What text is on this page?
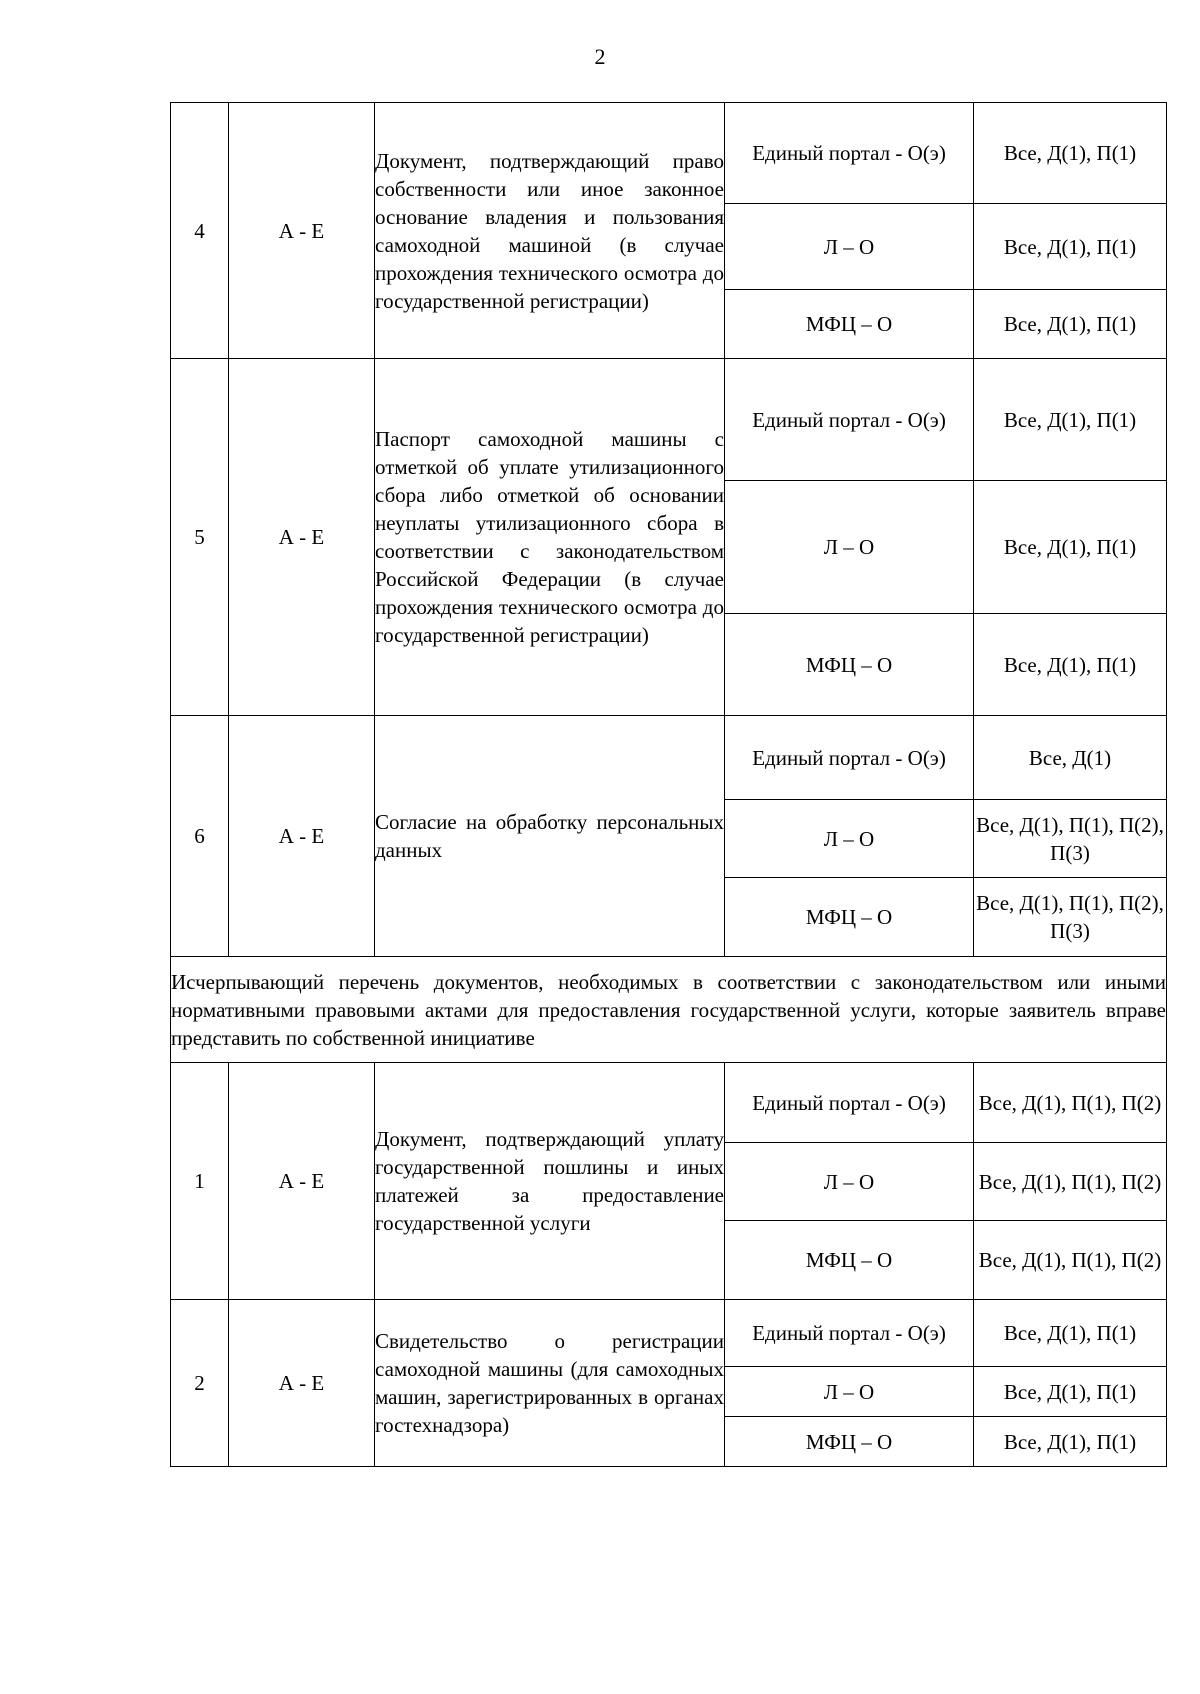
2
4	А - Е	Документ, подтверждающий право собственности или иное законное основание владения и пользования самоходной машиной (в случае прохождения технического осмотра до государственной регистрации)	Единый портал - О(э)	Все, Д(1), П(1)
			Л – О	Все, Д(1), П(1)
			МФЦ – О	Все, Д(1), П(1)
5	А - Е	Паспорт самоходной машины с отметкой об уплате утилизационного сбора либо отметкой об основании неуплаты утилизационного сбора в соответствии с законодательством Российской Федерации (в случае прохождения технического осмотра до государственной регистрации)	Единый портал - О(э)	Все, Д(1), П(1)
			Л – О	Все, Д(1), П(1)
			МФЦ – О	Все, Д(1), П(1)
6	А - Е	Согласие на обработку персональных данных	Единый портал - О(э)	Все, Д(1)
			Л – О	Все, Д(1), П(1), П(2), П(3)
			МФЦ – О	Все, Д(1), П(1), П(2), П(3)
Исчерпывающий перечень документов, необходимых в соответствии с законодательством или иными нормативными правовыми актами для предоставления государственной услуги, которые заявитель вправе представить по собственной инициативе				
1	А - Е	Документ, подтверждающий уплату государственной пошлины и иных платежей за предоставление государственной услуги	Единый портал - О(э)	Все, Д(1), П(1), П(2)
			Л – О	Все, Д(1), П(1), П(2)
			МФЦ – О	Все, Д(1), П(1), П(2)
2	А - Е	Свидетельство о регистрации самоходной машины (для самоходных машин, зарегистрированных в органах гостехнадзора)	Единый портал - О(э)	Все, Д(1), П(1)
			Л – О	Все, Д(1), П(1)
			МФЦ – О	Все, Д(1), П(1)
